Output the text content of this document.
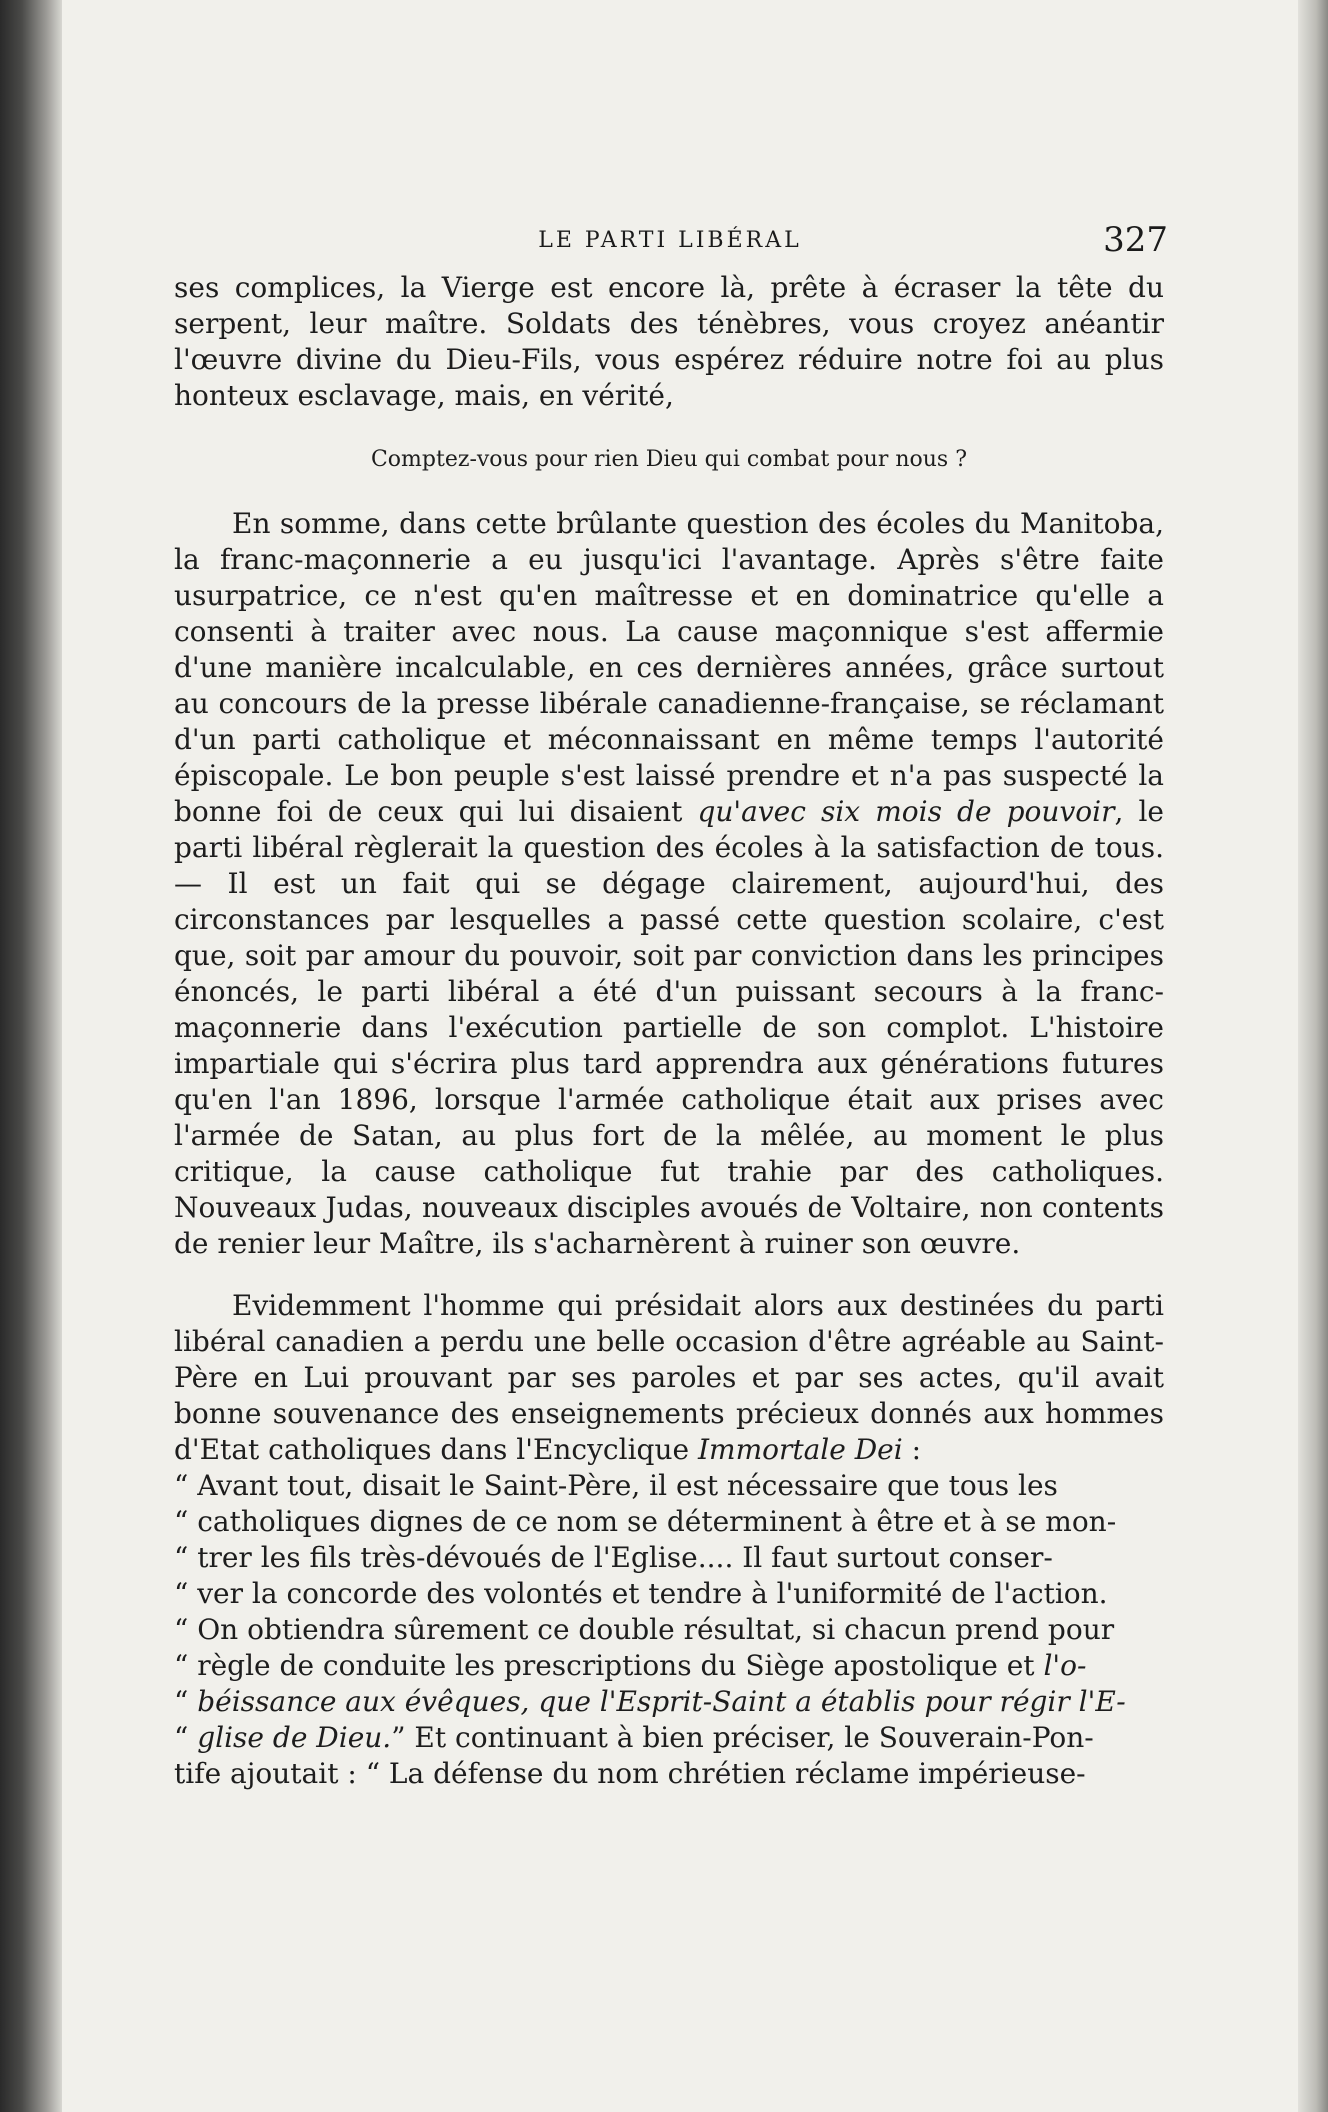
LE PARTI LIBÉRAL	327

ses complices, la Vierge est encore là, prête à écraser la tête du serpent, leur maître. Soldats des ténèbres, vous croyez anéantir l'œuvre divine du Dieu-Fils, vous espérez réduire notre foi au plus honteux esclavage, mais, en vérité,

Comptez-vous pour rien Dieu qui combat pour nous ?

En somme, dans cette brûlante question des écoles du Manitoba, la franc-maçonnerie a eu jusqu'ici l'avantage. Après s'être faite usurpatrice, ce n'est qu'en maîtresse et en dominatrice qu'elle a consenti à traiter avec nous. La cause maçonnique s'est affermie d'une manière incalculable, en ces dernières années, grâce surtout au concours de la presse libérale canadienne-française, se réclamant d'un parti catholique et méconnaissant en même temps l'autorité épiscopale. Le bon peuple s'est laissé prendre et n'a pas suspecté la bonne foi de ceux qui lui disaient qu'avec six mois de pouvoir, le parti libéral règlerait la question des écoles à la satisfaction de tous. — Il est un fait qui se dégage clairement, aujourd'hui, des circonstances par lesquelles a passé cette question scolaire, c'est que, soit par amour du pouvoir, soit par conviction dans les principes énoncés, le parti libéral a été d'un puissant secours à la franc-maçonnerie dans l'exécution partielle de son complot. L'histoire impartiale qui s'écrira plus tard apprendra aux générations futures qu'en l'an 1896, lorsque l'armée catholique était aux prises avec l'armée de Satan, au plus fort de la mêlée, au moment le plus critique, la cause catholique fut trahie par des catholiques. Nouveaux Judas, nouveaux disciples avoués de Voltaire, non contents de renier leur Maître, ils s'acharnèrent à ruiner son œuvre.

Evidemment l'homme qui présidait alors aux destinées du parti libéral canadien a perdu une belle occasion d'être agréable au Saint-Père en Lui prouvant par ses paroles et par ses actes, qu'il avait bonne souvenance des enseignements précieux donnés aux hommes d'Etat catholiques dans l'Encyclique Immortale Dei :

“ Avant tout, disait le Saint-Père, il est nécessaire que tous les

“ catholiques dignes de ce nom se déterminent à être et à se mon-

“ trer les fils très-dévoués de l'Eglise.... Il faut surtout conser-

“ ver la concorde des volontés et tendre à l'uniformité de l'action.

“ On obtiendra sûrement ce double résultat, si chacun prend pour

“ règle de conduite les prescriptions du Siège apostolique et l'o-

“ béissance aux évêques, que l'Esprit-Saint a établis pour régir l'E-

“ glise de Dieu.” Et continuant à bien préciser, le Souverain-Pon-

tife ajoutait : “ La défense du nom chrétien réclame impérieuse-
